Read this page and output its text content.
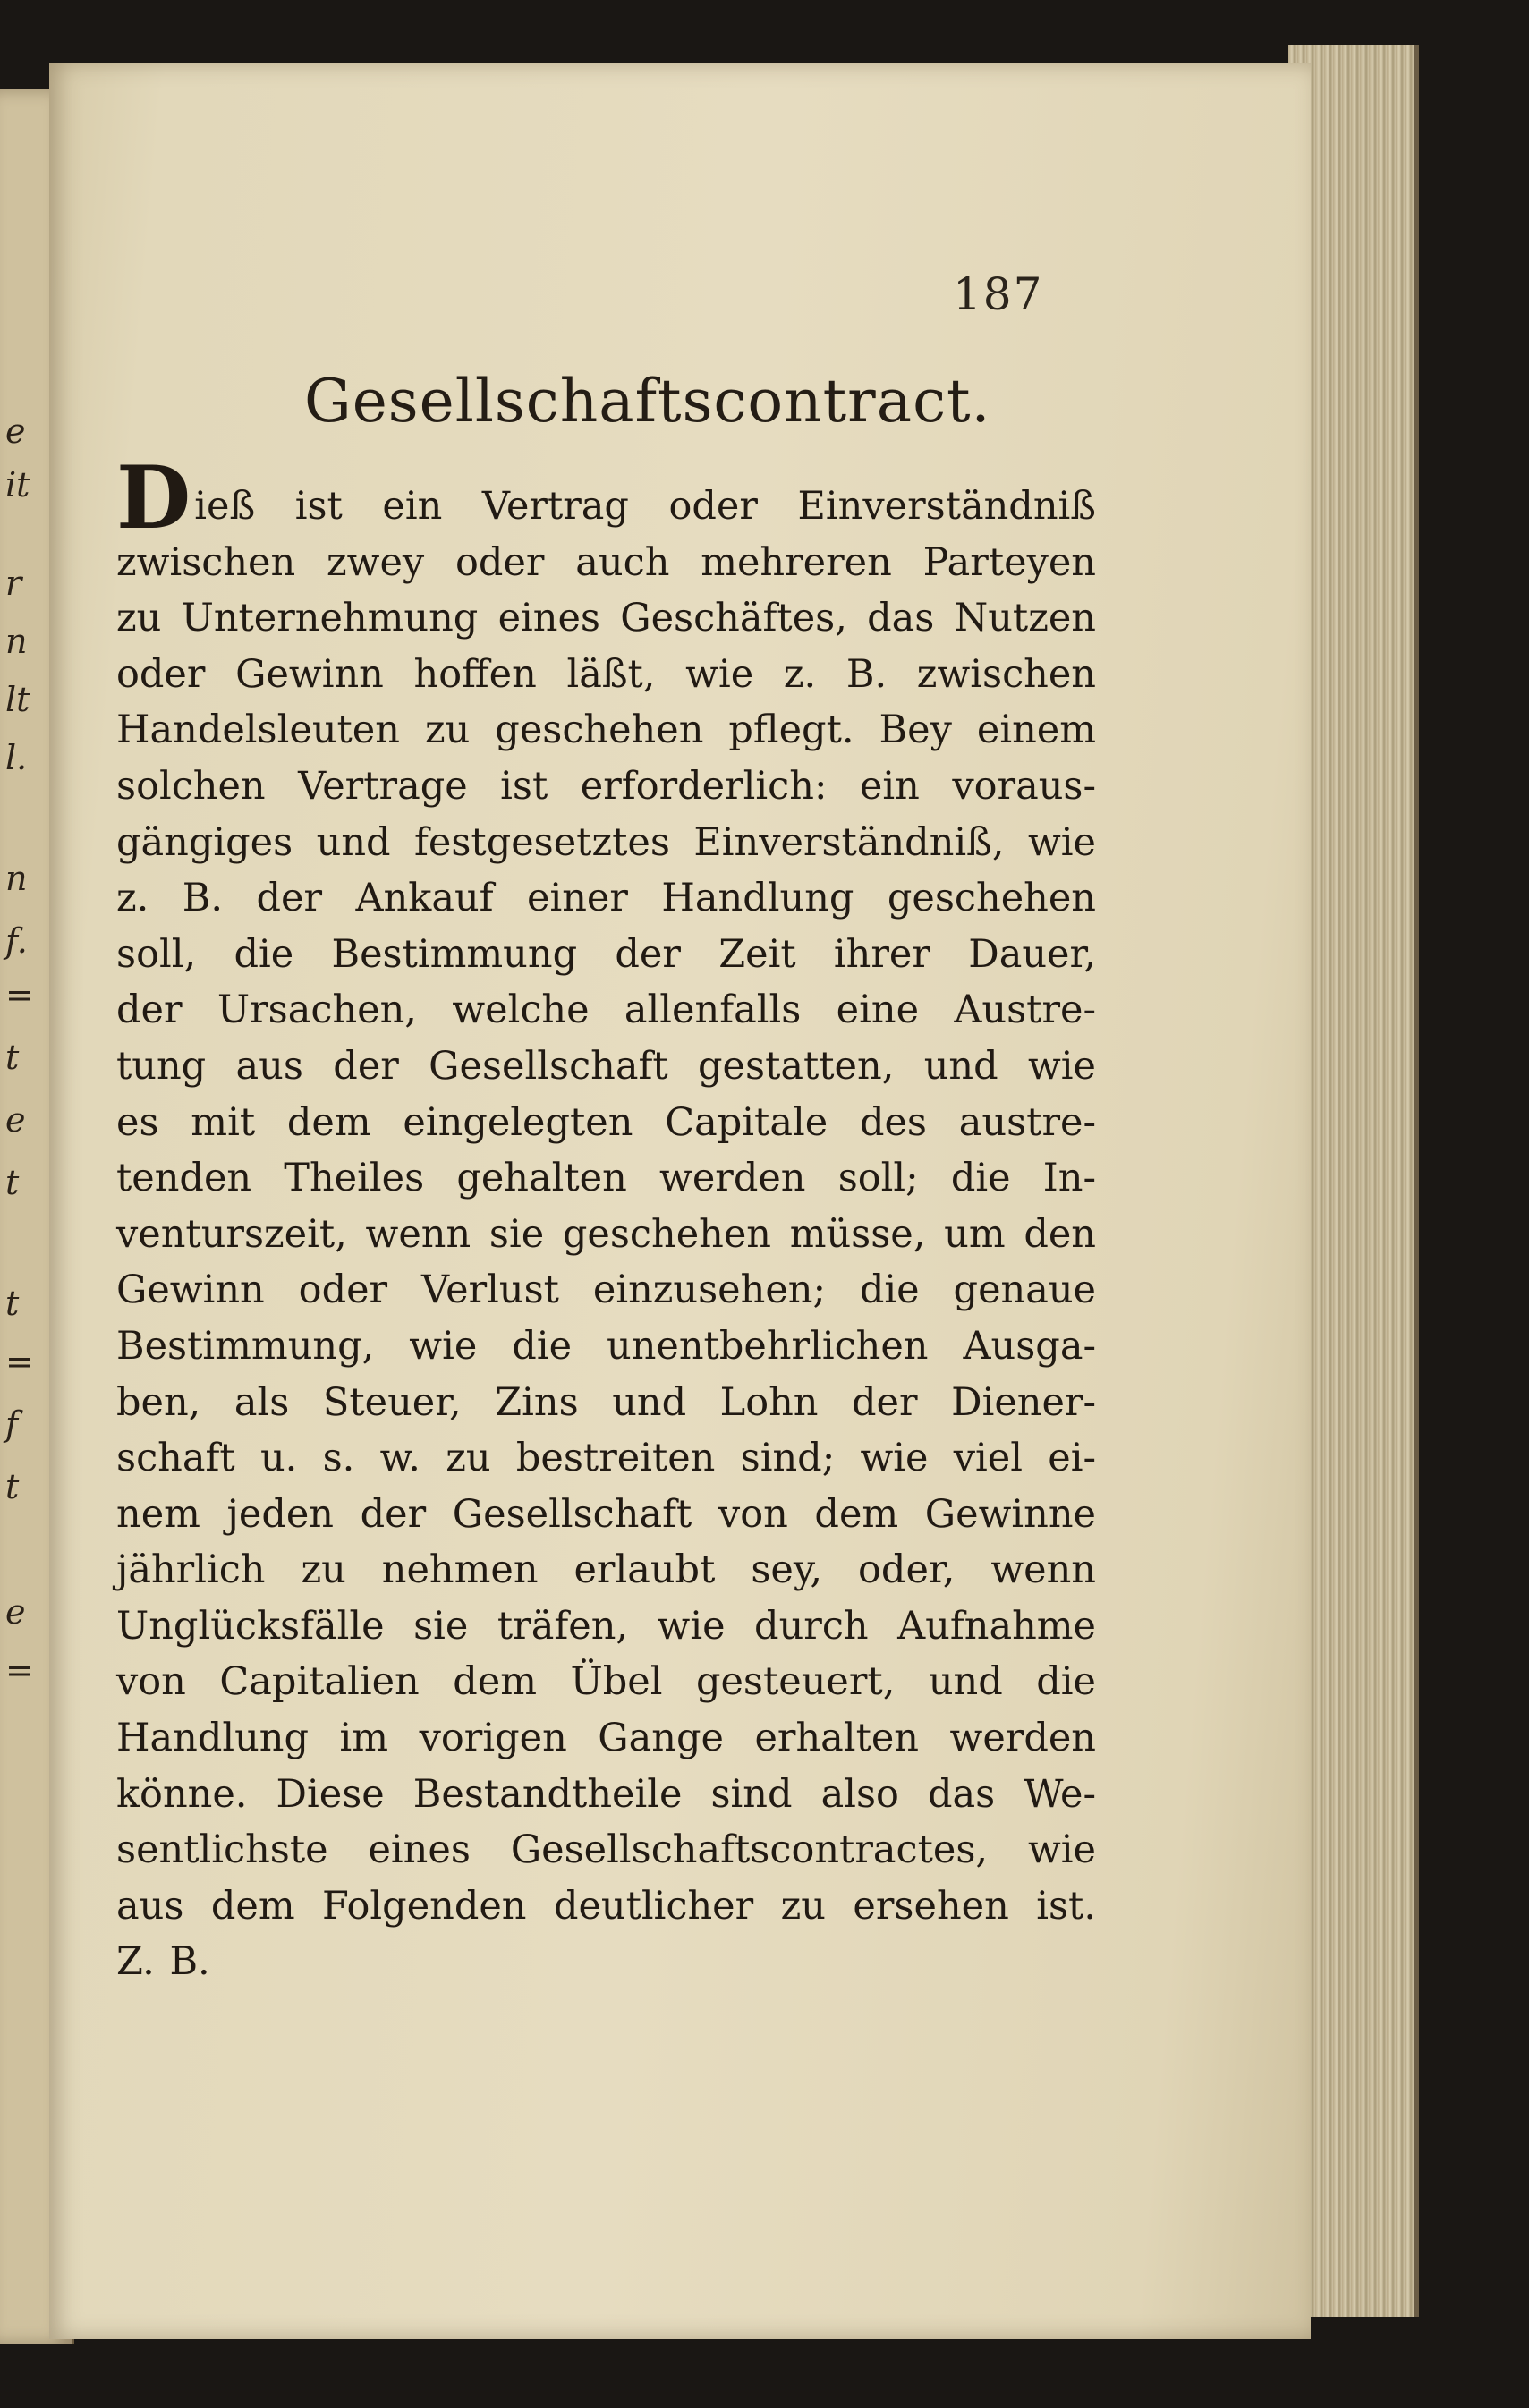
e
it
r
n
lt
l.
n
f.
=
t
e
t
t
=
f
t
e
=
187
Gesellschaftscontract.
Dieß ist ein Vertrag oder Einverständniß
zwischen zwey oder auch mehreren Parteyen
zu Unternehmung eines Geschäftes, das Nutzen
oder Gewinn hoffen läßt, wie z. B. zwischen
Handelsleuten zu geschehen pflegt. Bey einem
solchen Vertrage ist erforderlich: ein voraus-
gängiges und festgesetztes Einverständniß, wie
z. B. der Ankauf einer Handlung geschehen
soll, die Bestimmung der Zeit ihrer Dauer,
der Ursachen, welche allenfalls eine Austre-
tung aus der Gesellschaft gestatten, und wie
es mit dem eingelegten Capitale des austre-
tenden Theiles gehalten werden soll; die In-
venturszeit, wenn sie geschehen müsse, um den
Gewinn oder Verlust einzusehen; die genaue
Bestimmung, wie die unentbehrlichen Ausga-
ben, als Steuer, Zins und Lohn der Diener-
schaft u. s. w. zu bestreiten sind; wie viel ei-
nem jeden der Gesellschaft von dem Gewinne
jährlich zu nehmen erlaubt sey, oder, wenn
Unglücksfälle sie träfen, wie durch Aufnahme
von Capitalien dem Übel gesteuert, und die
Handlung im vorigen Gange erhalten werden
könne. Diese Bestandtheile sind also das We-
sentlichste eines Gesellschaftscontractes, wie
aus dem Folgenden deutlicher zu ersehen ist.
Z. B.
